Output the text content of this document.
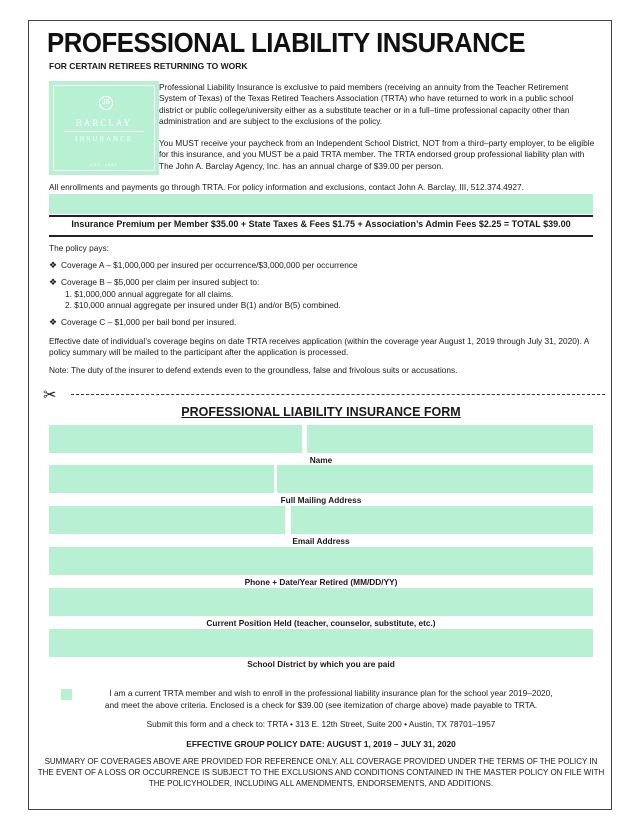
PROFESSIONAL LIABILITY INSURANCE
FOR CERTAIN RETIREES RETURNING TO WORK
JB
BARCLAY
INSURANCE
EST. 1987
Professional Liability Insurance is exclusive to paid members (receiving an annuity from the Teacher Retirement System of Texas) of the Texas Retired Teachers Association (TRTA) who have returned to work in a public school district or public college/university either as a substitute teacher or in a full–time professional capacity other than administration and are subject to the exclusions of the policy.
You MUST receive your paycheck from an Independent School District, NOT from a third–party employer, to be eligible for this insurance, and you MUST be a paid TRTA member. The TRTA endorsed group professional liability plan with The John A. Barclay Agency, Inc. has an annual charge of $39.00 per person.
All enrollments and payments go through TRTA. For policy information and exclusions, contact John A. Barclay, III, 512.374.4927.
Insurance Premium per Member $35.00 + State Taxes & Fees $1.75 + Association’s Admin Fees $2.25 = TOTAL $39.00
The policy pays:
❖ Coverage A – $1,000,000 per insured per occurrence/$3,000,000 per occurrence
❖ Coverage B – $5,000 per claim per insured subject to:
1. $1,000,000 annual aggregate for all claims.
2. $10,000 annual aggregate per insured under B(1) and/or B(5) combined.
❖ Coverage C – $1,000 per bail bond per insured.
Effective date of individual’s coverage begins on date TRTA receives application (within the coverage year August 1, 2019 through July 31, 2020). A policy summary will be mailed to the participant after the application is processed.
Note: The duty of the insurer to defend extends even to the groundless, false and frivolous suits or accusations.
✂
PROFESSIONAL LIABILITY INSURANCE FORM
Name
Full Mailing Address
Email Address
Phone + Date/Year Retired (MM/DD/YY)
Current Position Held (teacher, counselor, substitute, etc.)
School District by which you are paid
I am a current TRTA member and wish to enroll in the professional liability insurance plan for the school year 2019–2020,
and meet the above criteria. Enclosed is a check for $39.00 (see itemization of charge above) made payable to TRTA.
Submit this form and a check to: TRTA • 313 E. 12th Street, Suite 200 • Austin, TX 78701–1957
EFFECTIVE GROUP POLICY DATE: AUGUST 1, 2019 – JULY 31, 2020
SUMMARY OF COVERAGES ABOVE ARE PROVIDED FOR REFERENCE ONLY. ALL COVERAGE PROVIDED UNDER THE TERMS OF THE POLICY IN THE EVENT OF A LOSS OR OCCURRENCE IS SUBJECT TO THE EXCLUSIONS AND CONDITIONS CONTAINED IN THE MASTER POLICY ON FILE WITH THE POLICYHOLDER, INCLUDING ALL AMENDMENTS, ENDORSEMENTS, AND ADDITIONS.
